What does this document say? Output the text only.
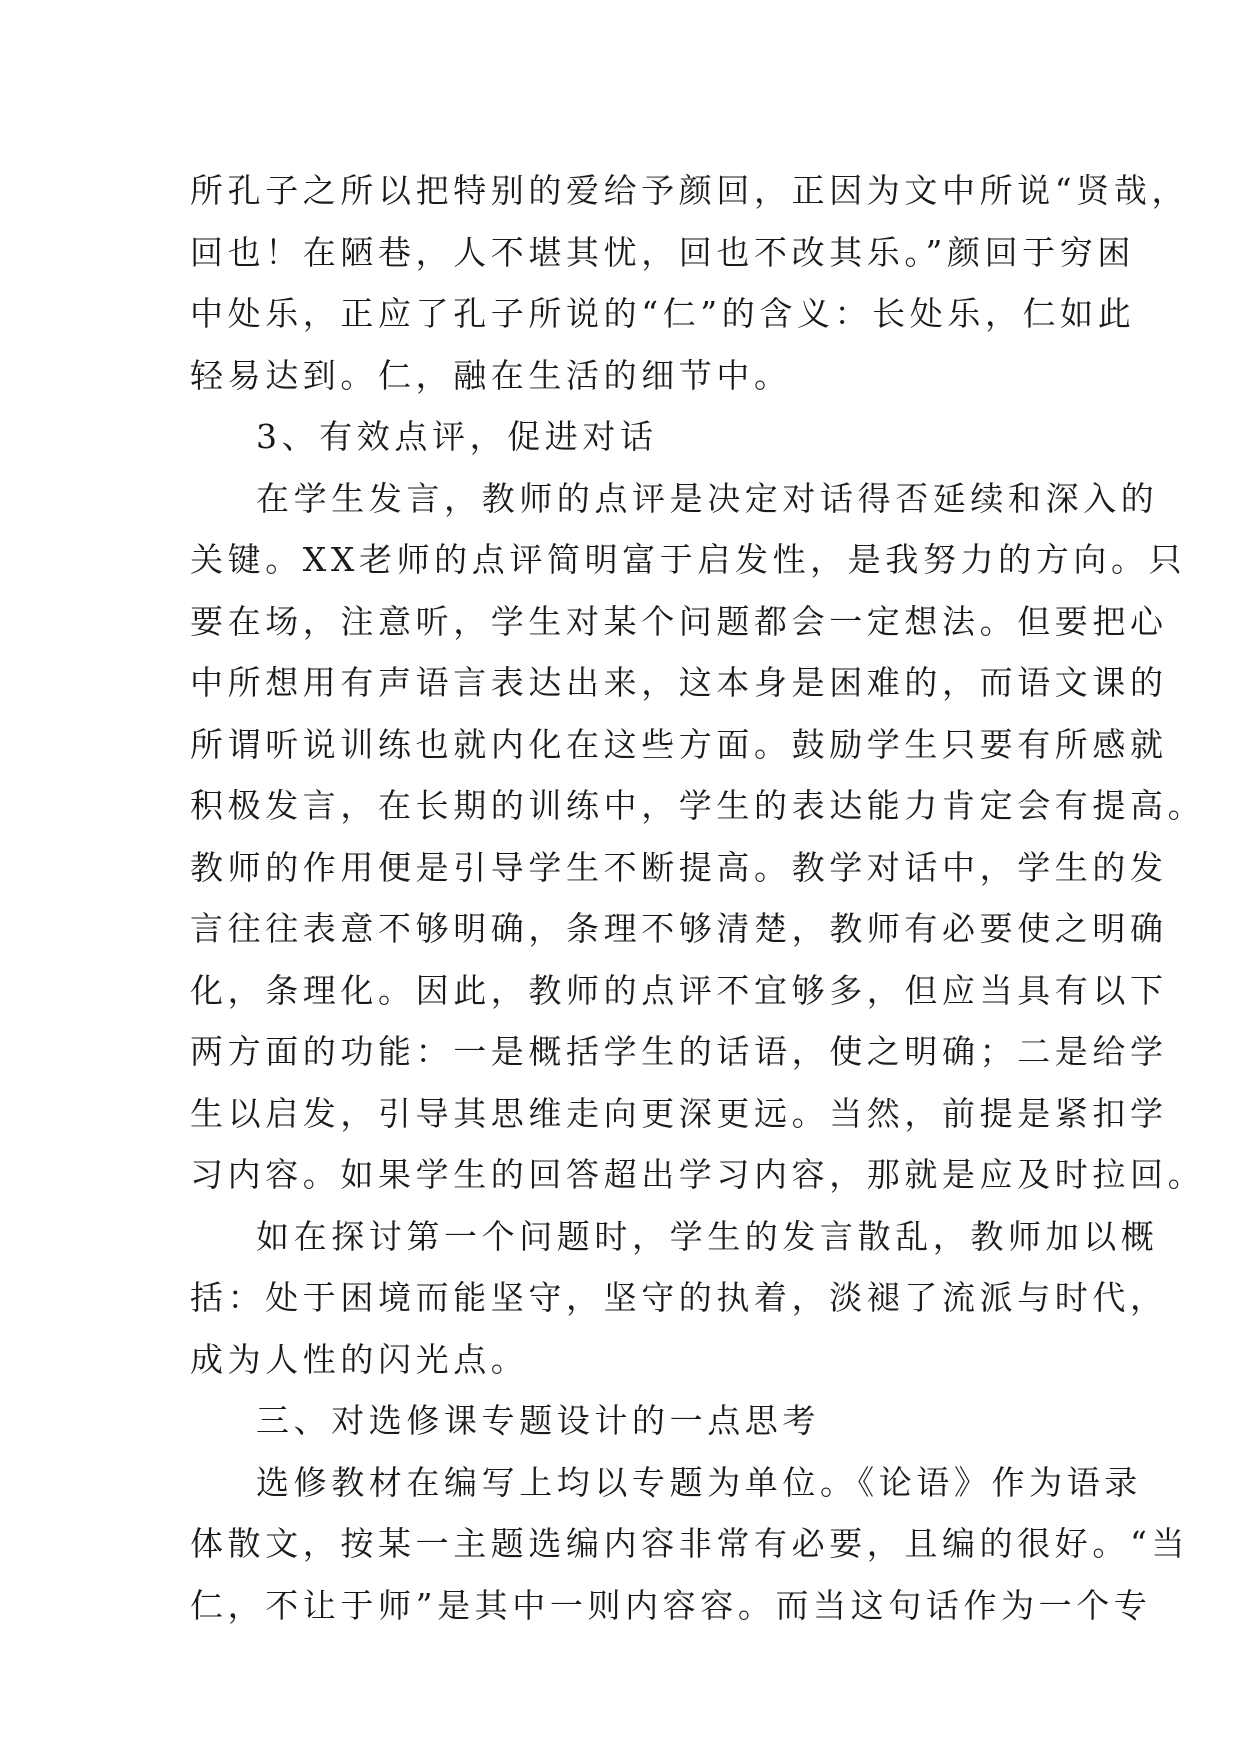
所孔子之所以把特别的爱给予颜回，正因为文中所说“贤哉，
回也！在陋巷，人不堪其忧，回也不改其乐。”颜回于穷困
中处乐，正应了孔子所说的“仁”的含义：长处乐，仁如此
轻易达到。仁，融在生活的细节中。
3、有效点评，促进对话
在学生发言，教师的点评是决定对话得否延续和深入的
关键。XX老师的点评简明富于启发性，是我努力的方向。只
要在场，注意听，学生对某个问题都会一定想法。但要把心
中所想用有声语言表达出来，这本身是困难的，而语文课的
所谓听说训练也就内化在这些方面。鼓励学生只要有所感就
积极发言，在长期的训练中，学生的表达能力肯定会有提高。
教师的作用便是引导学生不断提高。教学对话中，学生的发
言往往表意不够明确，条理不够清楚，教师有必要使之明确
化，条理化。因此，教师的点评不宜够多，但应当具有以下
两方面的功能：一是概括学生的话语，使之明确；二是给学
生以启发，引导其思维走向更深更远。当然，前提是紧扣学
习内容。如果学生的回答超出学习内容，那就是应及时拉回。
如在探讨第一个问题时，学生的发言散乱，教师加以概
括：处于困境而能坚守，坚守的执着，淡褪了流派与时代，
成为人性的闪光点。
三、对选修课专题设计的一点思考
选修教材在编写上均以专题为单位。《论语》作为语录
体散文，按某一主题选编内容非常有必要，且编的很好。“当
仁，不让于师”是其中一则内容容。而当这句话作为一个专
